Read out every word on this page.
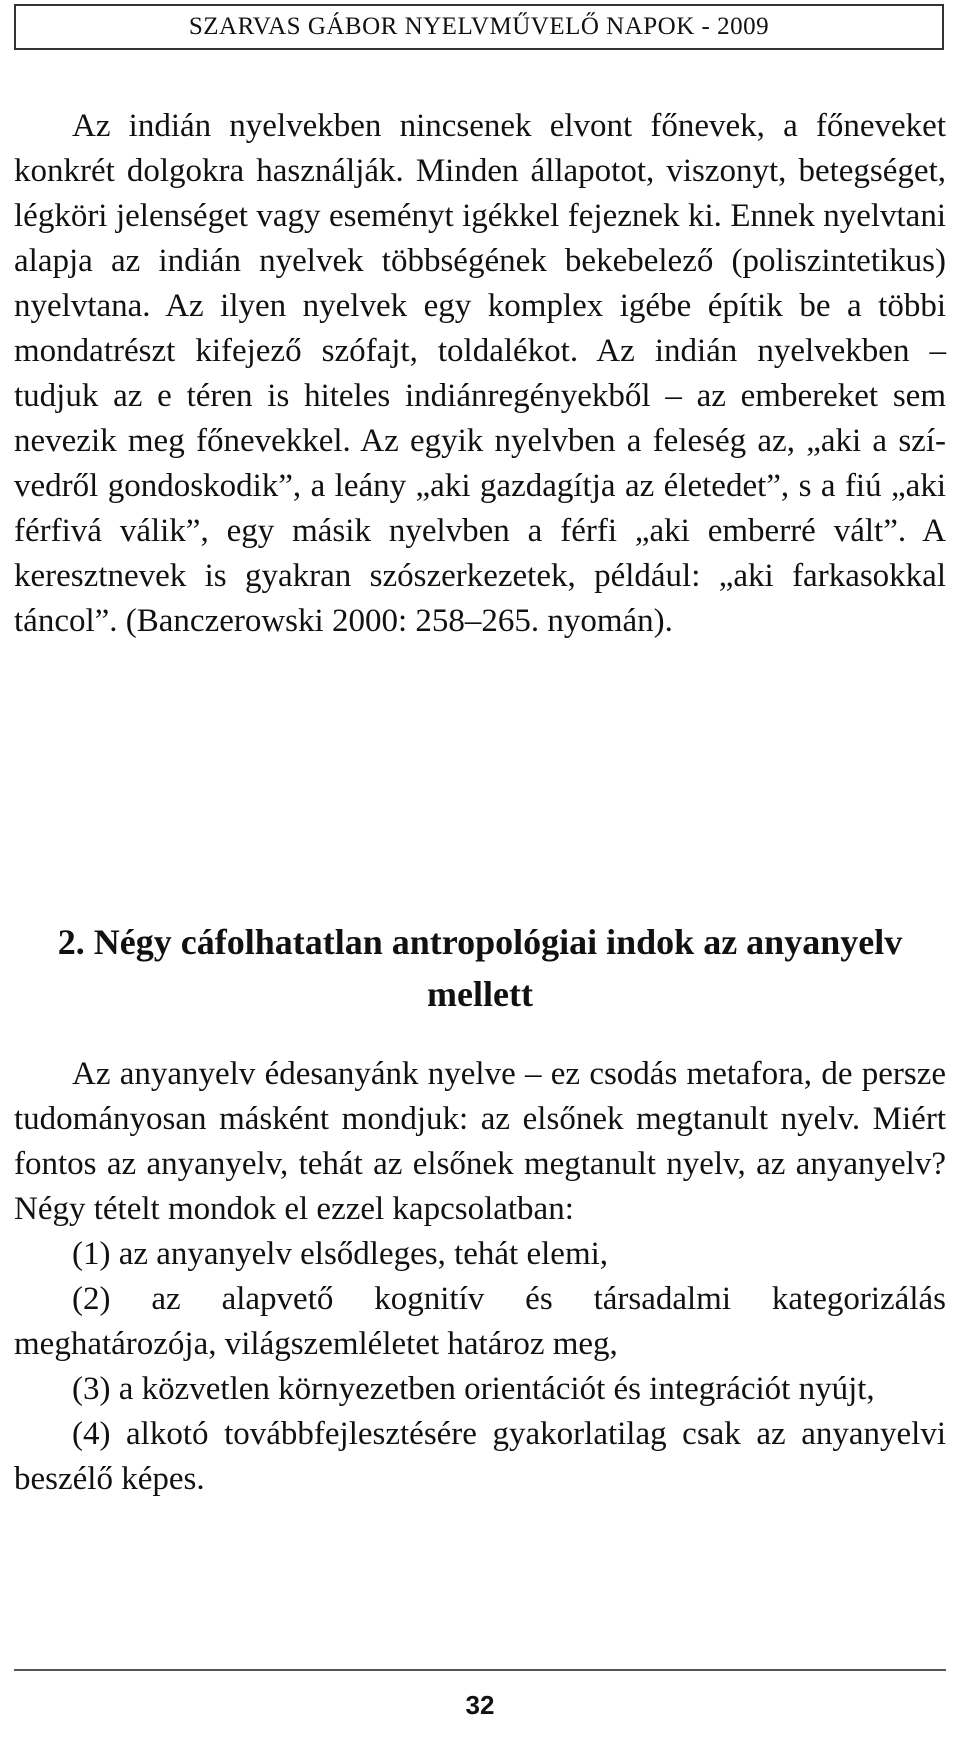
SZARVAS GÁBOR NYELVMŰVELŐ NAPOK - 2009
Az indián nyelvekben nincsenek elvont főnevek, a főneveket konkrét dolgokra használják. Minden állapotot, viszonyt, betegséget, légköri jelenséget vagy eseményt igékkel fejeznek ki. Ennek nyelvtani alapja az indián nyelvek többségének bekebelező (poliszintetikus) nyelvtana. Az ilyen nyelvek egy komplex igébe építik be a többi mondatrészt kifejező szófajt, toldalékot. Az indián nyelvekben – tudjuk az e téren is hiteles indiánregényekből – az embereket sem nevezik meg főnevekkel. Az egyik nyelvben a feleség az, „aki a szívedről gondoskodik”, a leány „aki gazdagítja az életedet”, s a fiú „aki férfivá válik”, egy másik nyelvben a férfi „aki emberré vált”. A keresztnevek is gyakran szószerkezetek, például: „aki farkasokkal táncol”. (Banczerowski 2000: 258–265. nyomán).
2. Négy cáfolhatatlan antropológiai indok az anyanyelv mellett

Az anyanyelv édesanyánk nyelve – ez csodás metafora, de persze tudományosan másként mondjuk: az elsőnek megtanult nyelv. Miért fontos az anyanyelv, tehát az elsőnek megtanult nyelv, az anyanyelv? Négy tételt mondok el ezzel kapcsolatban:

(1) az anyanyelv elsődleges, tehát elemi,

(2) az alapvető kognitív és társadalmi kategorizálás meghatározója, világszemléletet határoz meg,

(3) a közvetlen környezetben orientációt és integrációt nyújt,

(4) alkotó továbbfejlesztésére gyakorlatilag csak az anyanyelvi beszélő képes.

32
